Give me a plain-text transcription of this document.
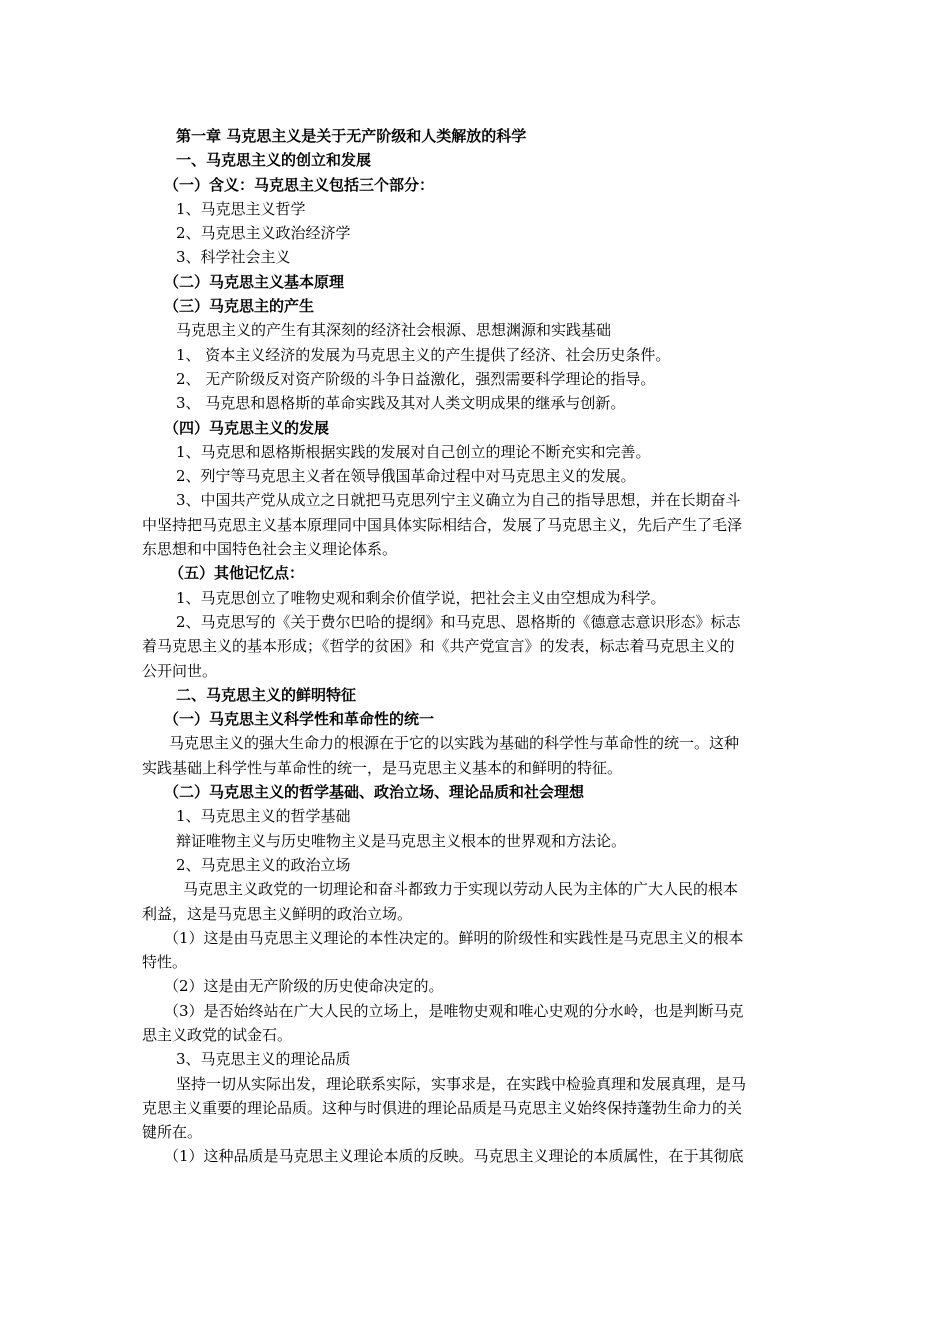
第一章 马克思主义是关于无产阶级和人类解放的科学
一、马克思主义的创立和发展
（一）含义：马克思主义包括三个部分：
1、马克思主义哲学
2、马克思主义政治经济学
3、科学社会主义
（二）马克思主义基本原理
（三）马克思主的产生
马克思主义的产生有其深刻的经济社会根源、思想渊源和实践基础
1、 资本主义经济的发展为马克思主义的产生提供了经济、社会历史条件。
2、 无产阶级反对资产阶级的斗争日益激化，强烈需要科学理论的指导。
3、 马克思和恩格斯的革命实践及其对人类文明成果的继承与创新。
（四）马克思主义的发展
1、马克思和恩格斯根据实践的发展对自己创立的理论不断充实和完善。
2、列宁等马克思主义者在领导俄国革命过程中对马克思主义的发展。
3、中国共产党从成立之日就把马克思列宁主义确立为自己的指导思想，并在长期奋斗
中坚持把马克思主义基本原理同中国具体实际相结合，发展了马克思主义，先后产生了毛泽
东思想和中国特色社会主义理论体系。
（五）其他记忆点：
1、马克思创立了唯物史观和剩余价值学说，把社会主义由空想成为科学。
2、马克思写的《关于费尔巴哈的提纲》和马克思、恩格斯的《德意志意识形态》标志
着马克思主义的基本形成；《哲学的贫困》和《共产党宣言》的发表，标志着马克思主义的
公开问世。
二、马克思主义的鲜明特征
（一）马克思主义科学性和革命性的统一
马克思主义的强大生命力的根源在于它的以实践为基础的科学性与革命性的统一。这种
实践基础上科学性与革命性的统一，是马克思主义基本的和鲜明的特征。
（二）马克思主义的哲学基础、政治立场、理论品质和社会理想
1、马克思主义的哲学基础
辩证唯物主义与历史唯物主义是马克思主义根本的世界观和方法论。
2、马克思主义的政治立场
马克思主义政党的一切理论和奋斗都致力于实现以劳动人民为主体的广大人民的根本
利益，这是马克思主义鲜明的政治立场。
（1）这是由马克思主义理论的本性决定的。鲜明的阶级性和实践性是马克思主义的根本
特性。
（2）这是由无产阶级的历史使命决定的。
（3）是否始终站在广大人民的立场上，是唯物史观和唯心史观的分水岭，也是判断马克
思主义政党的试金石。
3、马克思主义的理论品质
坚持一切从实际出发，理论联系实际，实事求是，在实践中检验真理和发展真理，是马
克思主义重要的理论品质。这种与时俱进的理论品质是马克思主义始终保持蓬勃生命力的关
键所在。
（1）这种品质是马克思主义理论本质的反映。马克思主义理论的本质属性，在于其彻底
